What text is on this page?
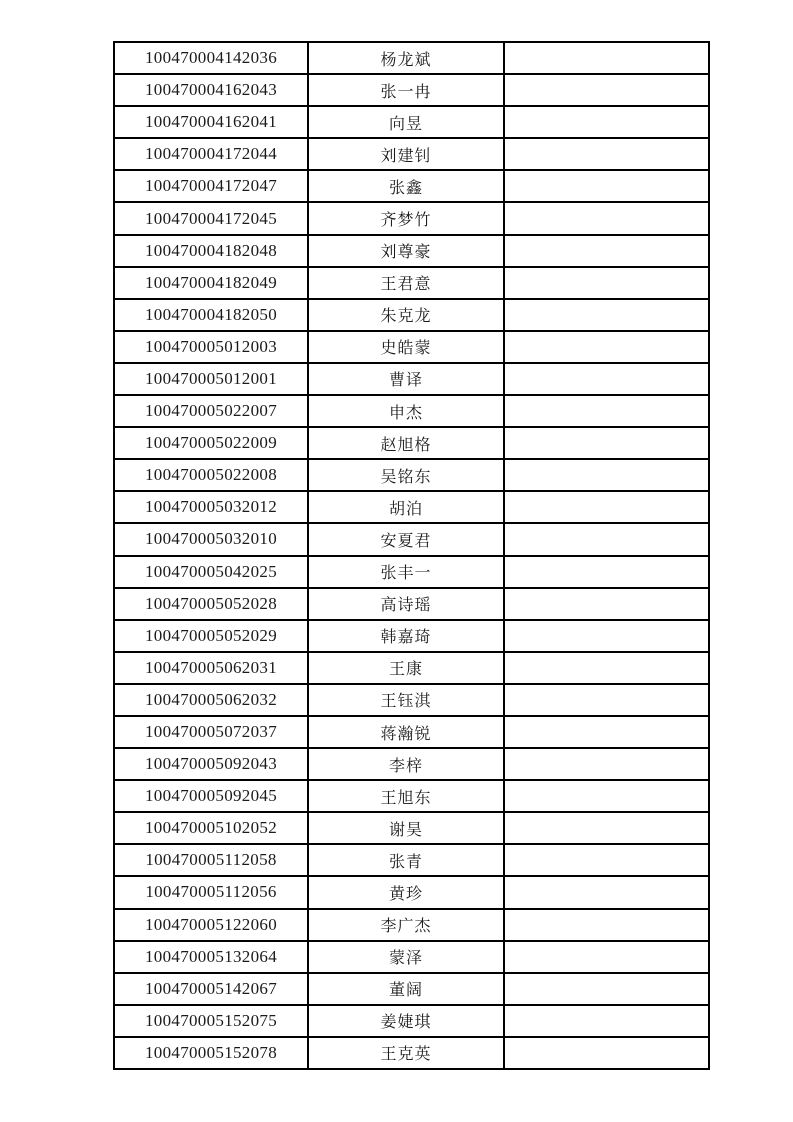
100470004142036	杨龙斌	
100470004162043	张一冉	
100470004162041	向昱	
100470004172044	刘建钊	
100470004172047	张鑫	
100470004172045	齐梦竹	
100470004182048	刘尊豪	
100470004182049	王君意	
100470004182050	朱克龙	
100470005012003	史皓蒙	
100470005012001	曹译	
100470005022007	申杰	
100470005022009	赵旭格	
100470005022008	吴铭东	
100470005032012	胡泊	
100470005032010	安夏君	
100470005042025	张丰一	
100470005052028	高诗瑶	
100470005052029	韩嘉琦	
100470005062031	王康	
100470005062032	王钰淇	
100470005072037	蒋瀚锐	
100470005092043	李梓	
100470005092045	王旭东	
100470005102052	谢昊	
100470005112058	张青	
100470005112056	黄珍	
100470005122060	李广杰	
100470005132064	蒙泽	
100470005142067	董阔	
100470005152075	姜婕琪	
100470005152078	王克英	
